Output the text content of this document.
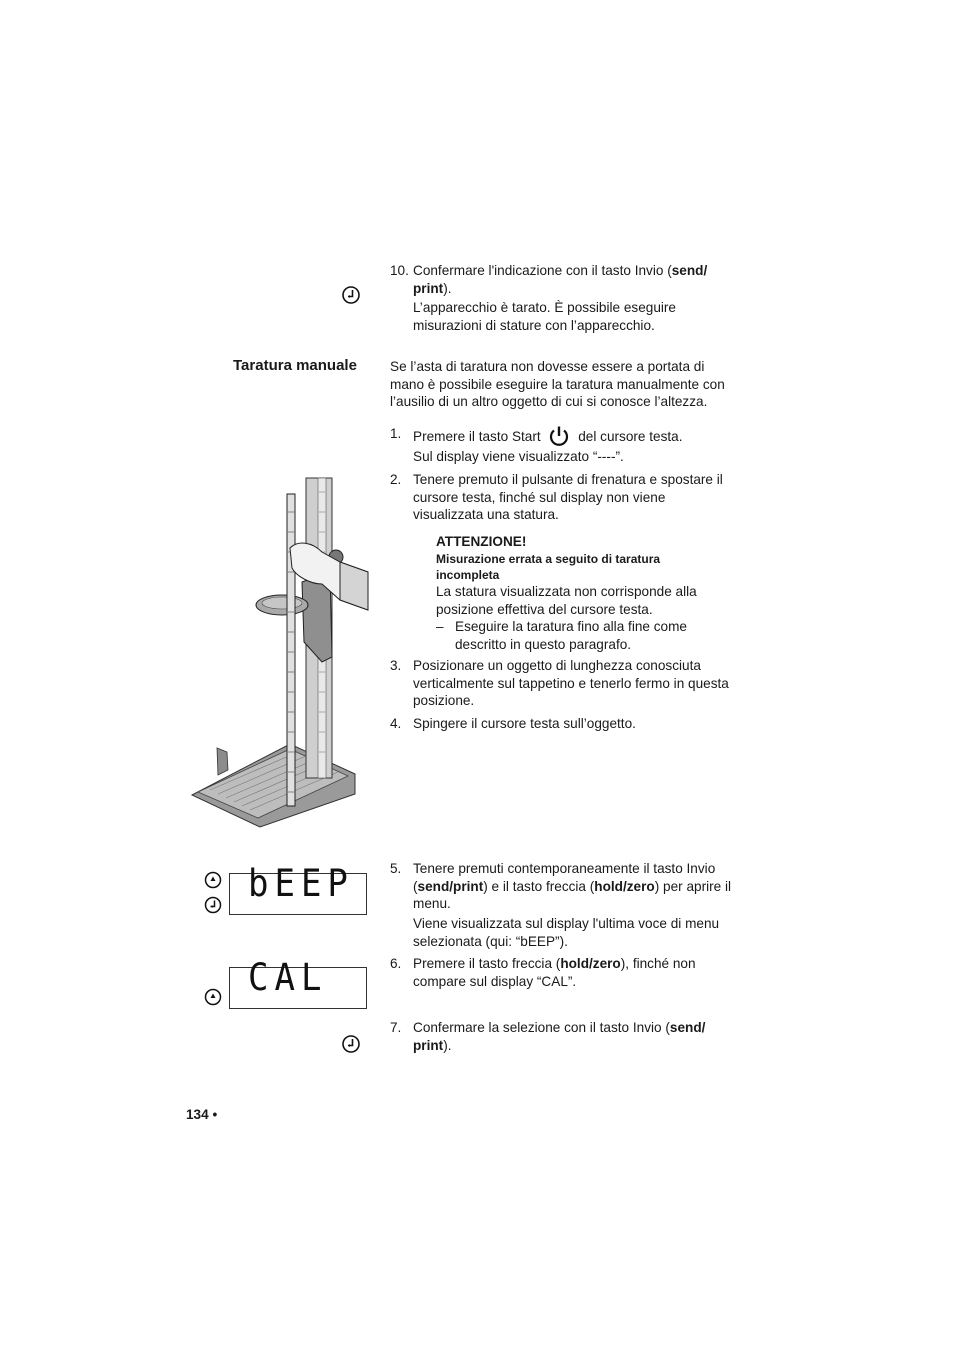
10. Confermare l'indicazione con il tasto Invio (send/
print).
L’apparecchio è tarato. È possibile eseguire misurazioni di stature con l’apparecchio.
Taratura manuale Se l’asta di taratura non dovesse essere a portata di mano è possibile eseguire la taratura manualmente con l’ausilio di un altro oggetto di cui si conosce l’altezza.
1. Premere il tasto Start	del cursore testa.
Sul display viene visualizzato “----”.
2. Tenere premuto il pulsante di frenatura e spostare il cursore testa, finché sul display non viene visualizzata una statura.
ATTENZIONE!
Misurazione errata a seguito di taratura incompleta
La statura visualizzata non corrisponde alla posizione effettiva del cursore testa.
– Eseguire la taratura fino alla fine come descritto in questo paragrafo.
3. Posizionare un oggetto di lunghezza conosciuta verticalmente sul tappetino e tenerlo fermo in questa posizione.
4. Spingere il cursore testa sull’oggetto.
bEEP	5. Tenere premuti contemporaneamente il tasto Invio (send/print) e il tasto freccia (hold/zero) per aprire il menu.
Viene visualizzata sul display l'ultima voce di menu selezionata (qui: “bEEP”).
CAL	6. Premere il tasto freccia (hold/zero), finché non compare sul display “CAL”.
7. Confermare la selezione con il tasto Invio (send/
print).
134 •
